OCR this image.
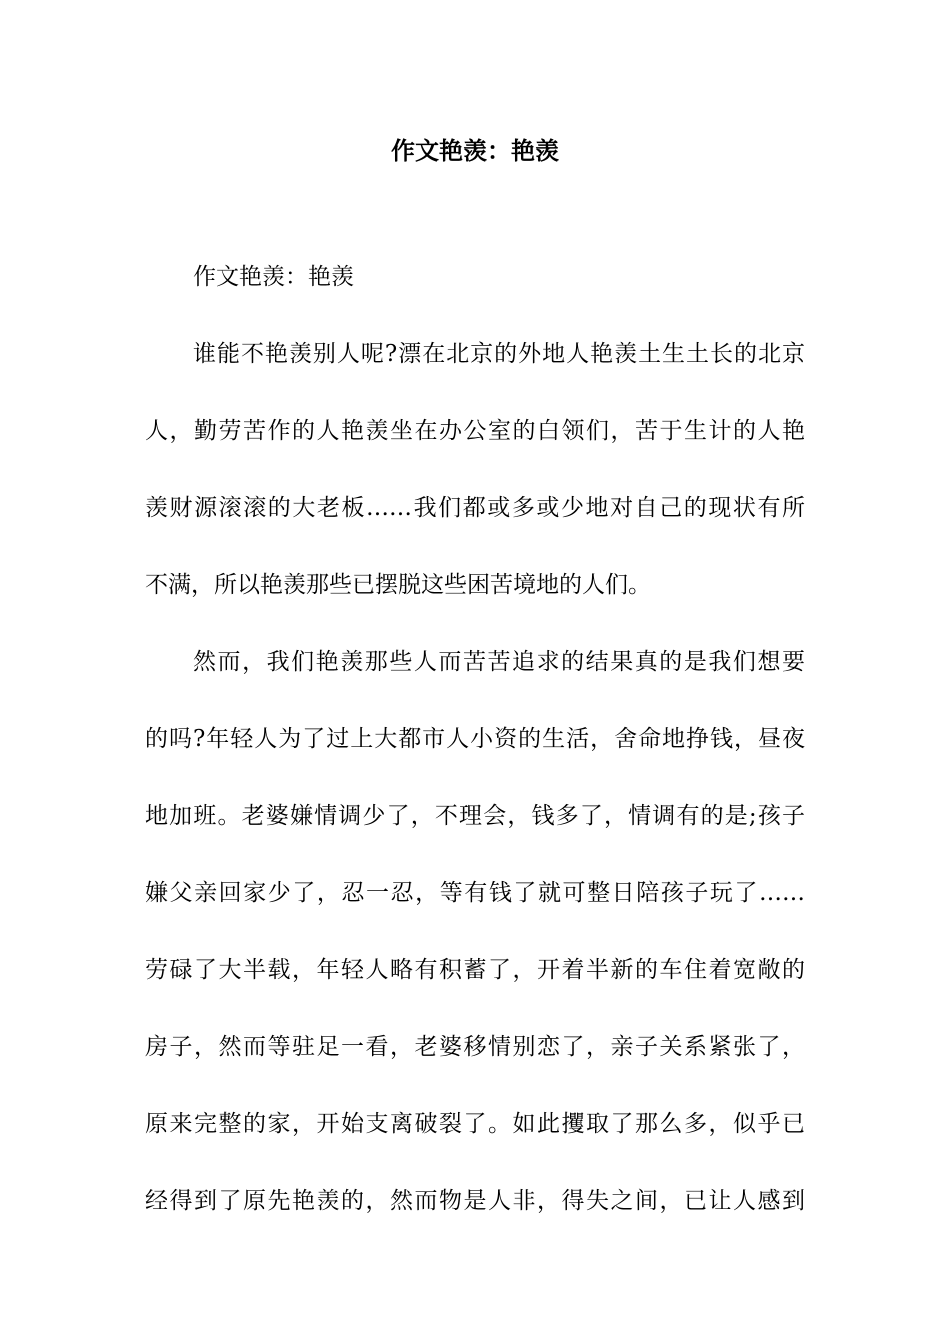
作文艳羡：艳羡
作文艳羡：艳羡
谁能不艳羡别人呢?漂在北京的外地人艳羡土生土长的北京
人，勤劳苦作的人艳羡坐在办公室的白领们，苦于生计的人艳
羡财源滚滚的大老板……我们都或多或少地对自己的现状有所
不满，所以艳羡那些已摆脱这些困苦境地的人们。
然而，我们艳羡那些人而苦苦追求的结果真的是我们想要
的吗?年轻人为了过上大都市人小资的生活，舍命地挣钱，昼夜
地加班。老婆嫌情调少了，不理会，钱多了，情调有的是;孩子
嫌父亲回家少了，忍一忍，等有钱了就可整日陪孩子玩了……
劳碌了大半载，年轻人略有积蓄了，开着半新的车住着宽敞的
房子，然而等驻足一看，老婆移情别恋了，亲子关系紧张了，
原来完整的家，开始支离破裂了。如此攫取了那么多，似乎已
经得到了原先艳羡的，然而物是人非，得失之间，已让人感到
